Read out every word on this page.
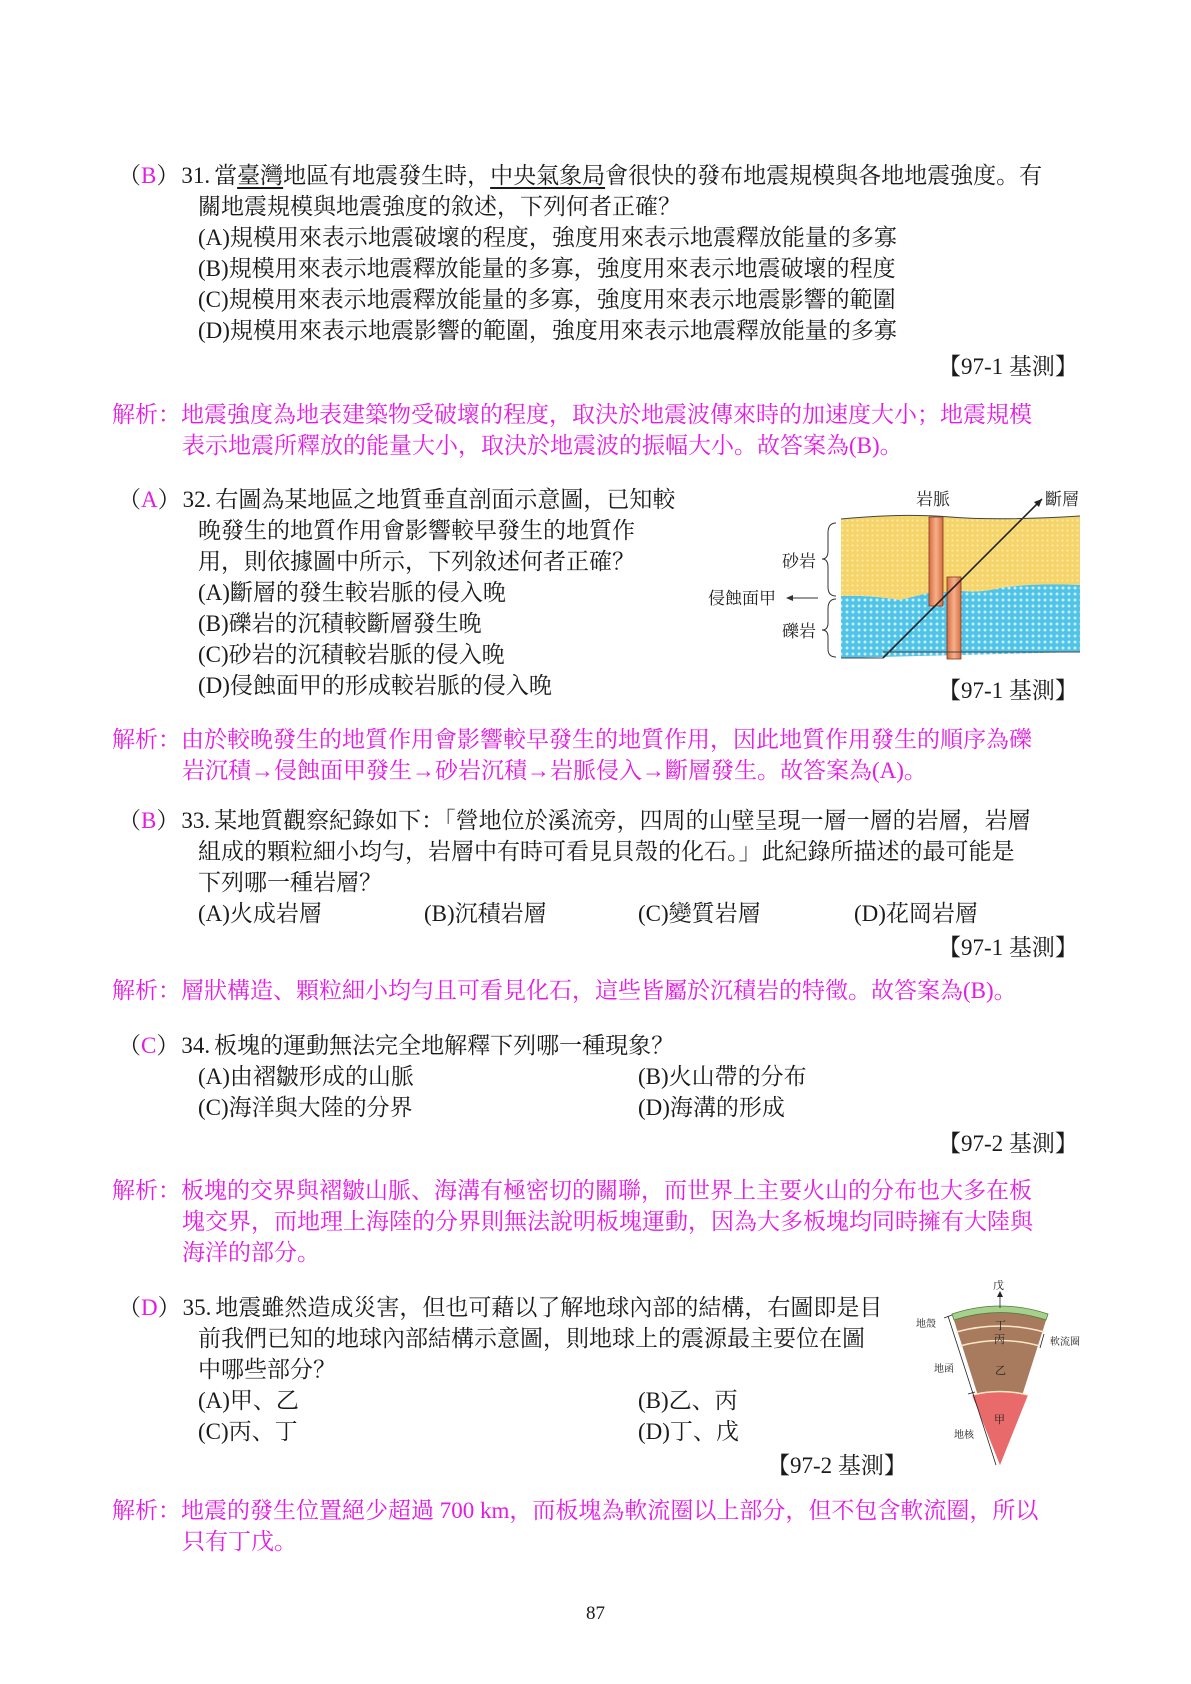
（B）31. 當臺灣地區有地震發生時，中央氣象局會很快的發布地震規模與各地地震強度。有
關地震規模與地震強度的敘述，下列何者正確？
(A)規模用來表示地震破壞的程度，強度用來表示地震釋放能量的多寡
(B)規模用來表示地震釋放能量的多寡，強度用來表示地震破壞的程度
(C)規模用來表示地震釋放能量的多寡，強度用來表示地震影響的範圍
(D)規模用來表示地震影響的範圍，強度用來表示地震釋放能量的多寡
【97-1 基測】
解析：地震強度為地表建築物受破壞的程度，取決於地震波傳來時的加速度大小；地震規模
表示地震所釋放的能量大小，取決於地震波的振幅大小。故答案為(B)。
（A）32. 右圖為某地區之地質垂直剖面示意圖，已知較
晚發生的地質作用會影響較早發生的地質作
用，則依據圖中所示，下列敘述何者正確？
(A)斷層的發生較岩脈的侵入晚
(B)礫岩的沉積較斷層發生晚
(C)砂岩的沉積較岩脈的侵入晚
(D)侵蝕面甲的形成較岩脈的侵入晚
岩脈	斷層
砂岩
侵蝕面甲
礫岩
【97-1 基測】
解析：由於較晚發生的地質作用會影響較早發生的地質作用，因此地質作用發生的順序為礫
岩沉積→侵蝕面甲發生→砂岩沉積→岩脈侵入→斷層發生。故答案為(A)。
（B）33. 某地質觀察紀錄如下：「營地位於溪流旁，四周的山壁呈現一層一層的岩層，岩層
組成的顆粒細小均勻，岩層中有時可看見貝殼的化石。」此紀錄所描述的最可能是
下列哪一種岩層？
(A)火成岩層	(B)沉積岩層	(C)變質岩層	(D)花岡岩層
【97-1 基測】
解析：層狀構造、顆粒細小均勻且可看見化石，這些皆屬於沉積岩的特徵。故答案為(B)。
（C）34. 板塊的運動無法完全地解釋下列哪一種現象？
(A)由褶皺形成的山脈	(B)火山帶的分布
(C)海洋與大陸的分界	(D)海溝的形成
【97-2 基測】
解析：板塊的交界與褶皺山脈、海溝有極密切的關聯，而世界上主要火山的分布也大多在板
塊交界，而地理上海陸的分界則無法說明板塊運動，因為大多板塊均同時擁有大陸與
海洋的部分。
（D）35. 地震雖然造成災害，但也可藉以了解地球內部的結構，右圖即是目
前我們已知的地球內部結構示意圖，則地球上的震源最主要位在圖
中哪些部分？
(A)甲、乙	(B)乙、丙
(C)丙、丁	(D)丁、戊
【97-2 基測】
戊
丁
丙
乙
甲
地殼
地函
地核
軟流圈
解析：地震的發生位置絕少超過 700 km，而板塊為軟流圈以上部分，但不包含軟流圈，所以
只有丁戊。
87
